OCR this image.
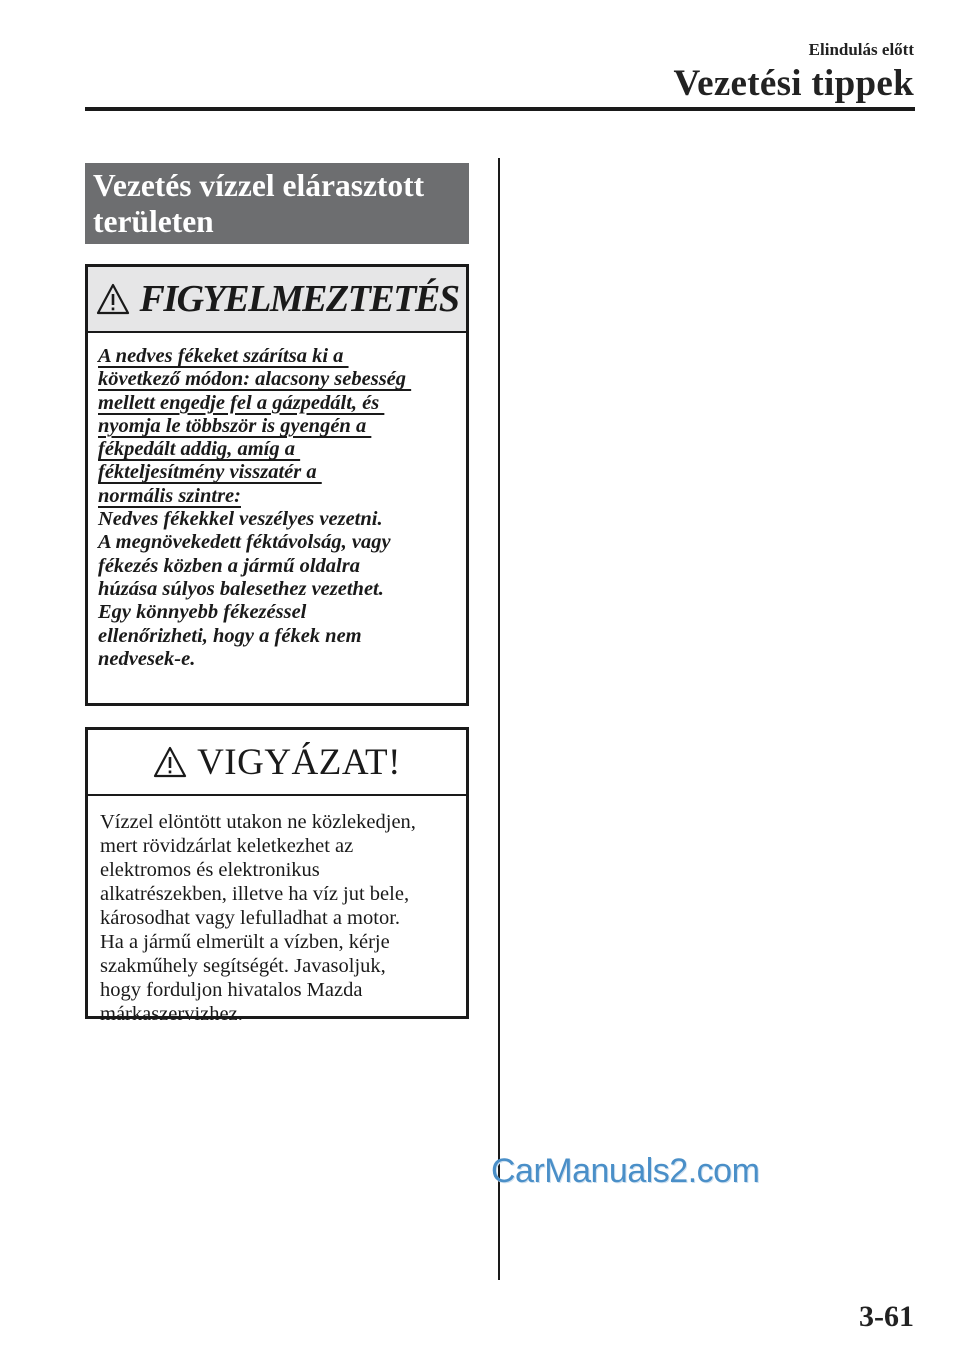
Elindulás előtt
Vezetési tippek
Vezetés vízzel elárasztott területen
FIGYELMEZTETÉS
A nedves fékeket szárítsa ki a
következő módon: alacsony sebesség
mellett engedje fel a gázpedált, és
nyomja le többször is gyengén a
fékpedált addig, amíg a
fékteljesítmény visszatér a
normális szintre:
Nedves fékekkel veszélyes vezetni.
A megnövekedett féktávolság, vagy
fékezés közben a jármű oldalra
húzása súlyos balesethez vezethet.
Egy könnyebb fékezéssel
ellenőrizheti, hogy a fékek nem
nedvesek-e.
VIGYÁZAT!
Vízzel elöntött utakon ne közlekedjen,
mert rövidzárlat keletkezhet az
elektromos és elektronikus
alkatrészekben, illetve ha víz jut bele,
károsodhat vagy lefulladhat a motor.
Ha a jármű elmerült a vízben, kérje
szakműhely segítségét. Javasoljuk,
hogy forduljon hivatalos Mazda
márkaszervizhez.
CarManuals2.com
3-61
